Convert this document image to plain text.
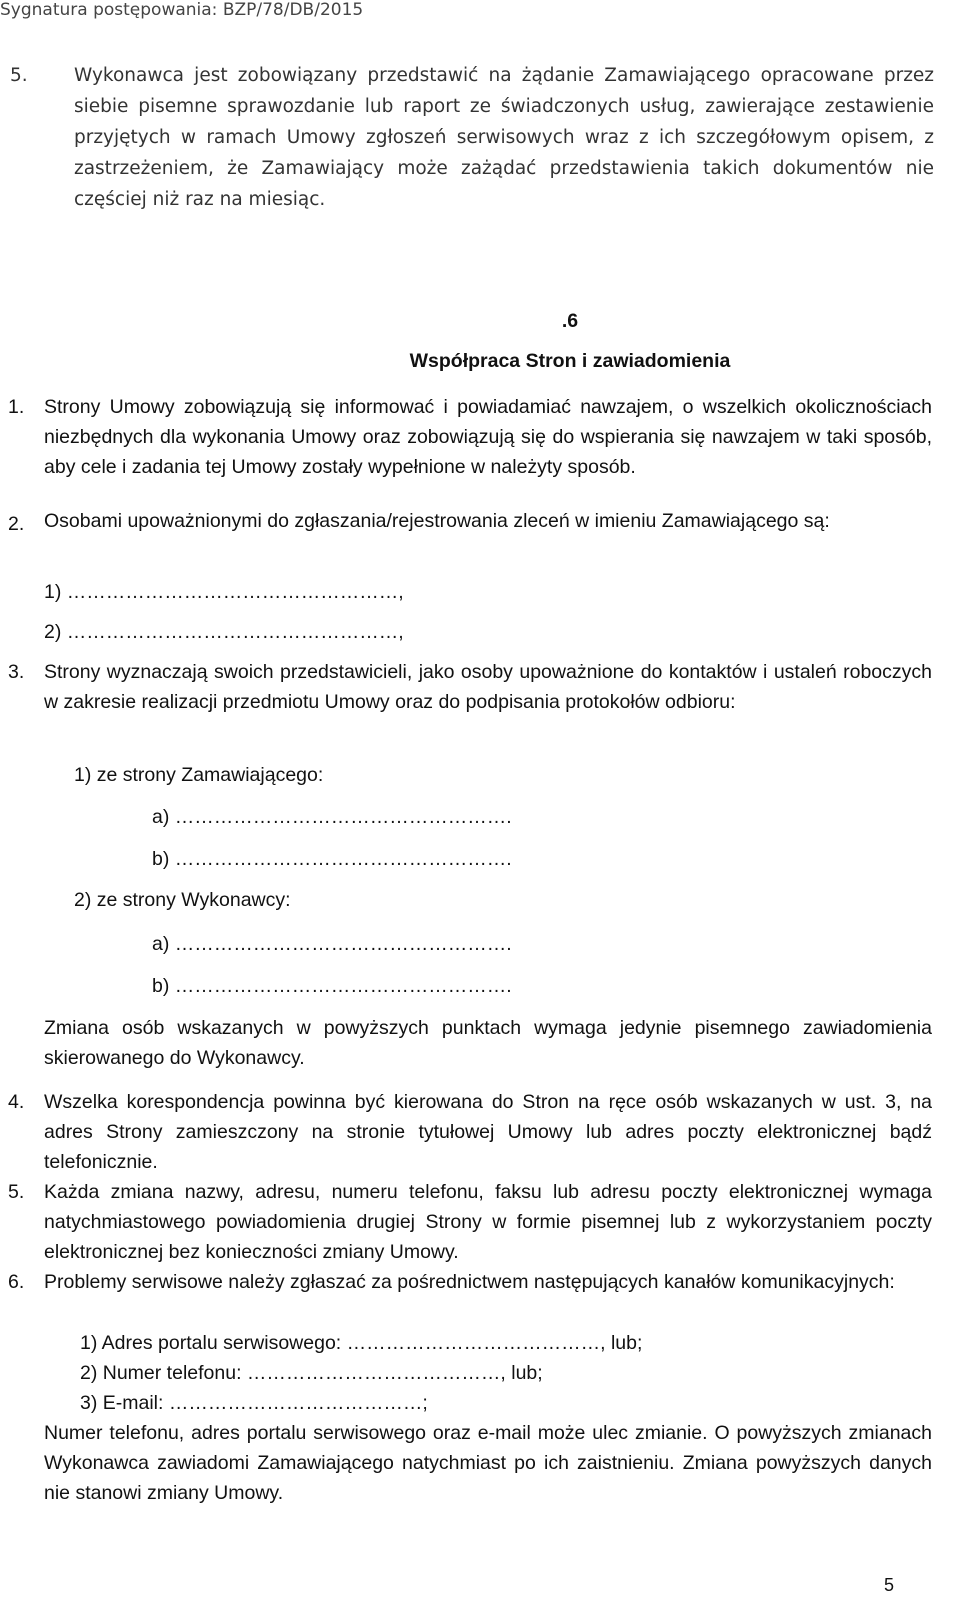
Sygnatura postępowania: BZP/78/DB/2015
5.	Wykonawca jest zobowiązany przedstawić na żądanie Zamawiającego opracowane przez siebie pisemne sprawozdanie lub raport ze świadczonych usług, zawierające zestawienie przyjętych w ramach Umowy zgłoszeń serwisowych wraz z ich szczegółowym opisem, z zastrzeżeniem, że Zamawiający może zażądać przedstawienia takich dokumentów nie częściej niż raz na miesiąc.
.6
Współpraca Stron i zawiadomienia
1. Strony Umowy zobowiązują się informować i powiadamiać nawzajem, o wszelkich okolicznościach niezbędnych dla wykonania Umowy oraz zobowiązują się do wspierania się nawzajem w taki sposób, aby cele i zadania tej Umowy zostały wypełnione w należyty sposób.
2. Osobami upoważnionymi do zgłaszania/rejestrowania zleceń w imieniu Zamawiającego są:
1) ……………………………………………,
2) ……………………………………………,
3. Strony wyznaczają swoich przedstawicieli, jako osoby upoważnione do kontaktów i ustaleń roboczych w zakresie realizacji przedmiotu Umowy oraz do podpisania protokołów odbioru:
1) ze strony Zamawiającego:
a) …………………………………………….
b) …………………………………………….
2) ze strony Wykonawcy:
a) …………………………………………….
b) …………………………………………….
Zmiana osób wskazanych w powyższych punktach wymaga jedynie pisemnego zawiadomienia skierowanego do Wykonawcy.
4. Wszelka korespondencja powinna być kierowana do Stron na ręce osób wskazanych w ust. 3, na adres Strony zamieszczony na stronie tytułowej Umowy lub adres poczty elektronicznej bądź telefonicznie.
5. Każda zmiana nazwy, adresu, numeru telefonu, faksu lub adresu poczty elektronicznej wymaga natychmiastowego powiadomienia drugiej Strony w formie pisemnej lub z wykorzystaniem poczty elektronicznej bez konieczności zmiany Umowy.
6. Problemy serwisowe należy zgłaszać za pośrednictwem następujących kanałów komunikacyjnych:
1) Adres portalu serwisowego: …………………………………, lub;
2) Numer telefonu: …………………………………, lub;
3) E-mail: …………………………………;
Numer telefonu, adres portalu serwisowego oraz e-mail może ulec zmianie. O powyższych zmianach Wykonawca zawiadomi Zamawiającego natychmiast po ich zaistnieniu. Zmiana powyższych danych nie stanowi zmiany Umowy.
5
